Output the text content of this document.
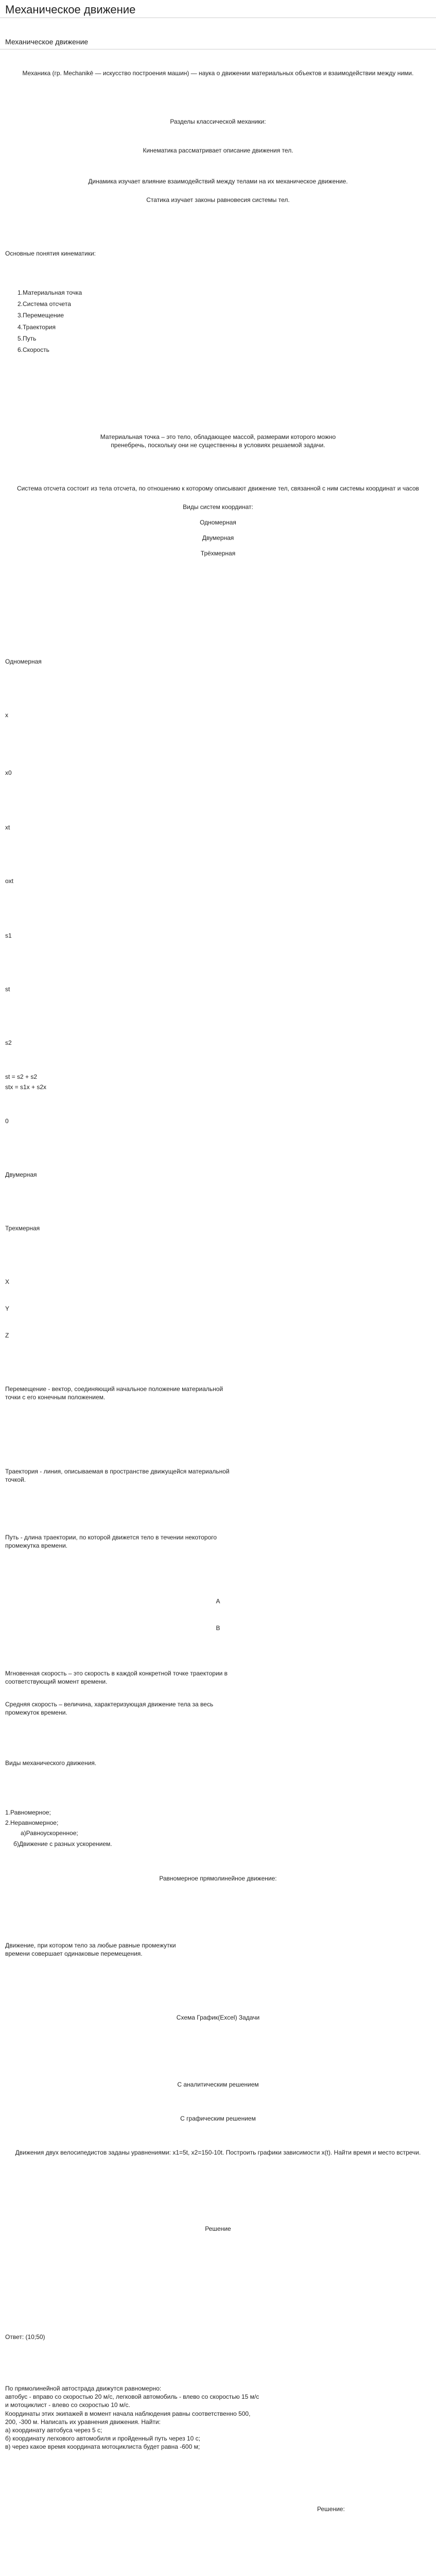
Механическое движение
Механическое движение
Механика (гр. Mechanikē — искусство построения машин) — наука о движении материальных объектов и взаимодействии между ними.
Разделы классической механики:
Кинематика рассматривает описание движения тел.
Динамика изучает влияние взаимодействий между телами на их механическое движение.
Статика изучает законы равновесия системы тел.
Основные понятия кинематики:
1.Материальная точка
2.Система отсчета
3.Перемещение
4.Траектория
5.Путь
6.Скорость
Материальная точка – это тело, обладающее массой, размерами которого можно пренебречь, поскольку они не существенны в условиях решаемой задачи.
Система отсчета состоит из тела отсчета, по отношению к которому описывают движение тел, связанной с ним системы координат и часов
Виды систем координат:
Одномерная
Двумерная
Трёхмерная
Одномерная
x
x0
xt
oxt
s1
st
s2
st = s2 + s2
stx = s1x + s2x
0
Двумерная
Трехмерная
X
Y
Z
Перемещение - вектор, соединяющий начальное положение материальной точки с его конечным положением.
Траектория - линия, описываемая в пространстве движущейся материальной точкой.
Путь - длина траектории, по которой движется тело в течении некоторого промежутка времени.
A
B
Мгновенная скорость – это скорость в каждой конкретной точке траектории в соответствующий момент времени.
Средняя скорость – величина, характеризующая движение тела за весь промежуток времени.
Виды механического движения.
1.Равномерное;
2.Неравномерное;
а)Равноускоренное;
б)Движение с разных ускорением.
Равномерное прямолинейное движение:
Движение, при котором тело за любые равные промежутки времени совершает одинаковые перемещения.
Схема График(Excel) Задачи
С аналитическим решением
С графическим решением
Движения двух велосипедистов заданы уравнениями: x1=5t, x2=150-10t. Построить графики зависимости x(t). Найти время и место встречи.
Решение
Ответ: (10;50)
По прямолинейной автострада движутся равномерно:
автобус - вправо со скоростью 20 м/с, легковой автомобиль - влево со скоростью 15 м/с и мотоциклист - влево со скоростью 10 м/с.
Координаты этих экипажей в момент начала наблюдения равны соответственно 500, 200, -300 м. Написать их уравнения движения. Найти:
а) координату автобуса через 5 с;
б) координату легкового автомобиля и пройденный путь через 10 с;
в) через какое время координата мотоциклиста будет равна -600 м;
Решение:
